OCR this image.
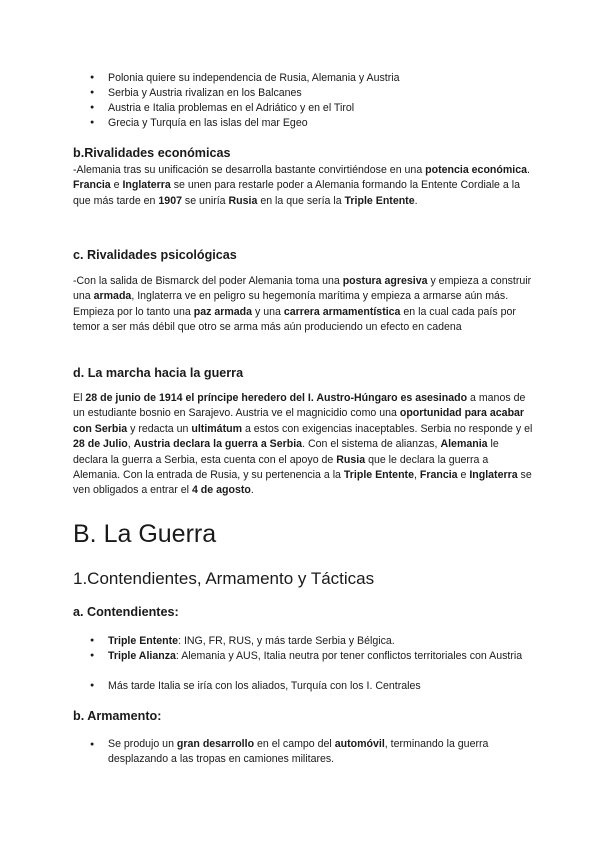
● Polonia quiere su independencia de Rusia, Alemania y Austria
● Serbia y Austria rivalizan en los Balcanes
● Austria e Italia problemas en el Adriático y en el Tirol
● Grecia y Turquía en las islas del mar Egeo
b.Rivalidades económicas

-Alemania tras su unificación se desarrolla bastante convirtiéndose en una potencia económica. Francia e Inglaterra se unen para restarle poder a Alemania formando la Entente Cordiale a la que más tarde en 1907 se uniría Rusia en la que sería la Triple Entente.

c. Rivalidades psicológicas

-Con la salida de Bismarck del poder Alemania toma una postura agresiva y empieza a construir una armada, Inglaterra ve en peligro su hegemonía marítima y empieza a armarse aún más. Empieza por lo tanto una paz armada y una carrera armamentística en la cual cada país por temor a ser más débil que otro se arma más aún produciendo un efecto en cadena

d. La marcha hacia la guerra

El 28 de junio de 1914 el príncipe heredero del I. Austro-Húngaro es asesinado a manos de un estudiante bosnio en Sarajevo. Austria ve el magnicidio como una oportunidad para acabar con Serbia y redacta un ultimátum a estos con exigencias inaceptables. Serbia no responde y el 28 de Julio, Austria declara la guerra a Serbia. Con el sistema de alianzas, Alemania le declara la guerra a Serbia, esta cuenta con el apoyo de Rusia que le declara la guerra a Alemania. Con la entrada de Rusia, y su pertenencia a la Triple Entente, Francia e Inglaterra se ven obligados a entrar el 4 de agosto.

B. La Guerra
1.Contendientes, Armamento y Tácticas
a. Contendientes:
● Triple Entente: ING, FR, RUS, y más tarde Serbia y Bélgica.
● Triple Alianza: Alemania y AUS, Italia neutra por tener conflictos territoriales con Austria
● Más tarde Italia se iría con los aliados, Turquía con los I. Centrales
b. Armamento:
● Se produjo un gran desarrollo en el campo del automóvil, terminando la guerra desplazando a las tropas en camiones militares.
